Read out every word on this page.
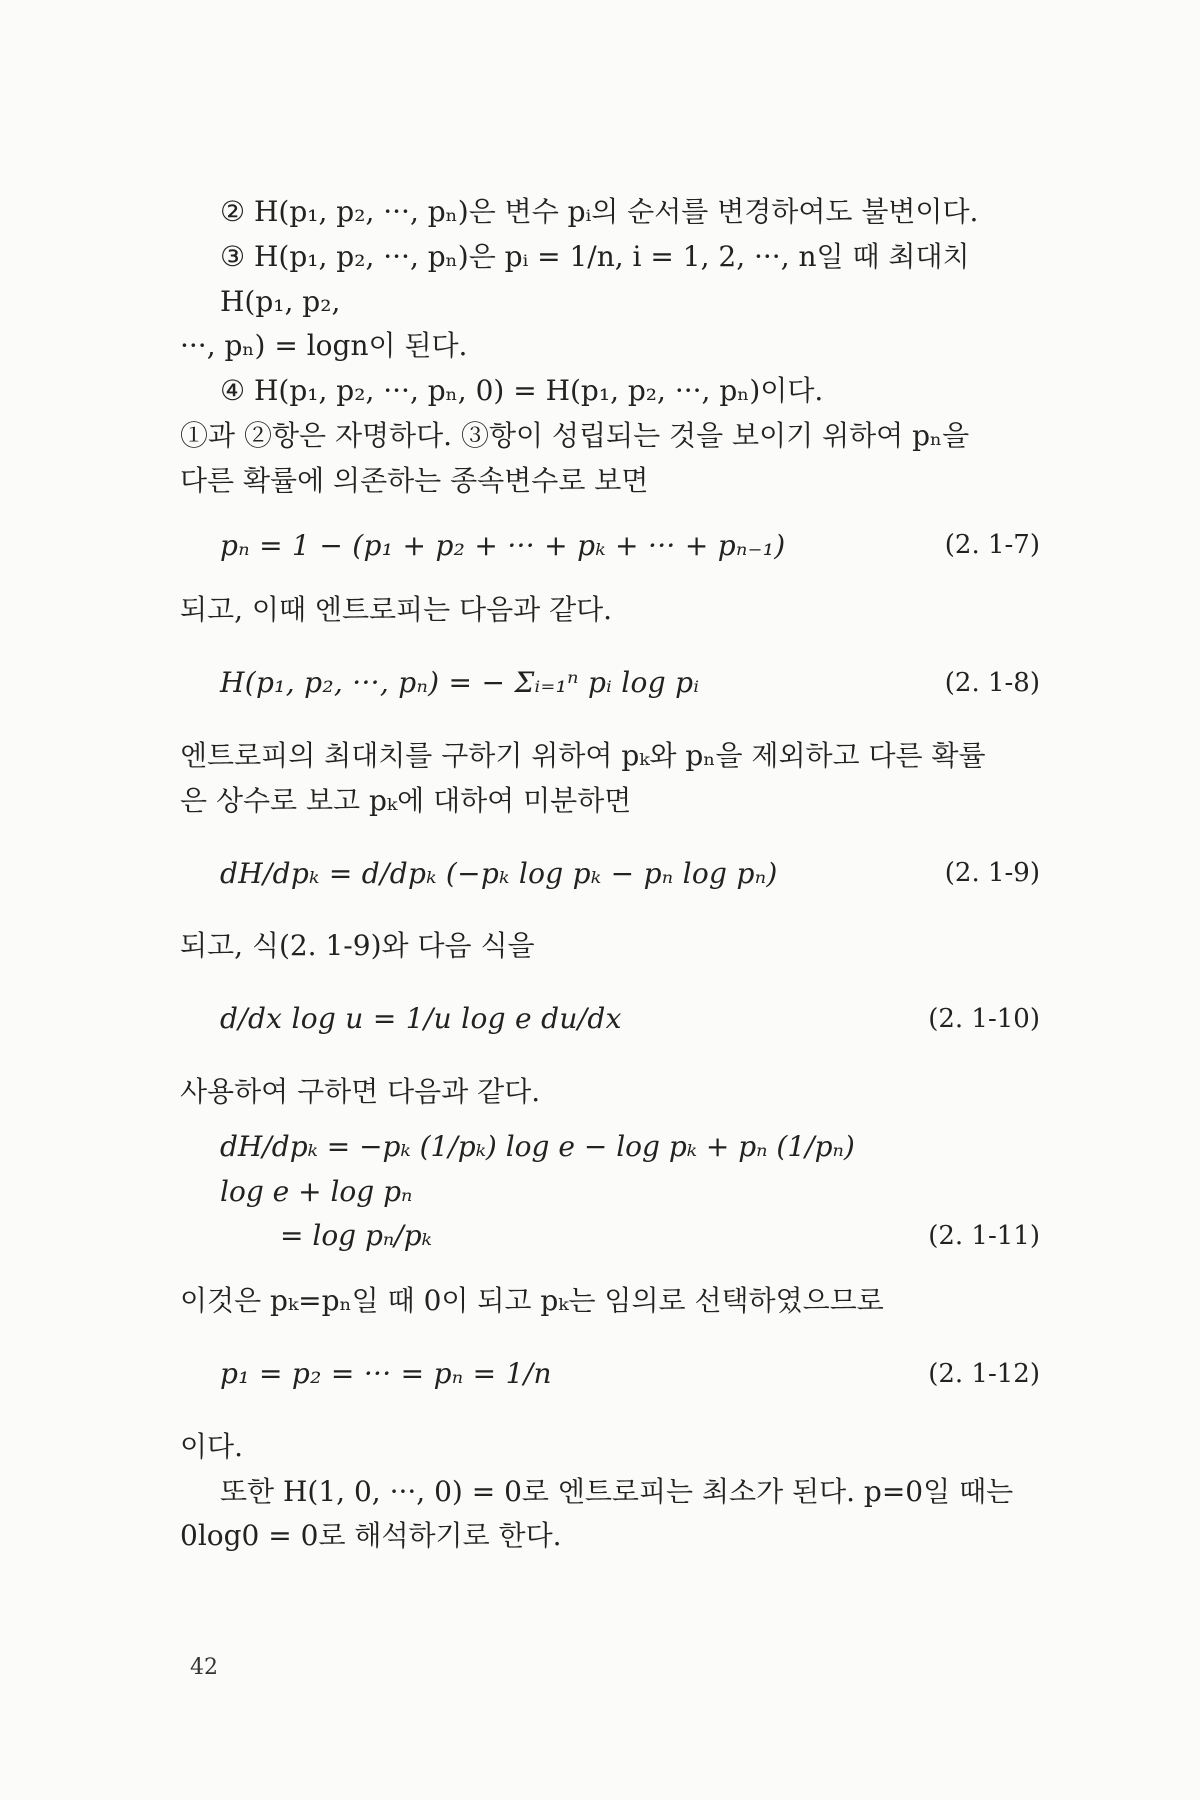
② H(p₁, p₂, ···, pₙ)은 변수 pᵢ의 순서를 변경하여도 불변이다.

③ H(p₁, p₂, ···, pₙ)은 pᵢ = 1/n, i = 1, 2, ···, n일 때 최대치 H(p₁, p₂,

···, pₙ) = logn이 된다.

④ H(p₁, p₂, ···, pₙ, 0) = H(p₁, p₂, ···, pₙ)이다.

①과 ②항은 자명하다. ③항이 성립되는 것을 보이기 위하여 pₙ을

다른 확률에 의존하는 종속변수로 보면

pₙ = 1 − (p₁ + p₂ + ··· + pₖ + ··· + pₙ₋₁)	(2. 1-7)

되고, 이때 엔트로피는 다음과 같다.

H(p₁, p₂, ···, pₙ) = − Σᵢ₌₁ⁿ pᵢ log pᵢ	(2. 1-8)

엔트로피의 최대치를 구하기 위하여 pₖ와 pₙ을 제외하고 다른 확률

은 상수로 보고 pₖ에 대하여 미분하면

dH/dpₖ = d/dpₖ (−pₖ log pₖ − pₙ log pₙ)	(2. 1-9)

되고, 식(2. 1-9)와 다음 식을

d/dx log u = 1/u log e du/dx	(2. 1-10)

사용하여 구하면 다음과 같다.

dH/dpₖ = −pₖ (1/pₖ) log e − log pₖ + pₙ (1/pₙ) log e + log pₙ
= log pₙ/pₖ	(2. 1-11)

이것은 pₖ=pₙ일 때 0이 되고 pₖ는 임의로 선택하였으므로

p₁ = p₂ = ··· = pₙ = 1/n	(2. 1-12)

이다.

또한 H(1, 0, ···, 0) = 0로 엔트로피는 최소가 된다. p=0일 때는

0log0 = 0로 해석하기로 한다.

42
